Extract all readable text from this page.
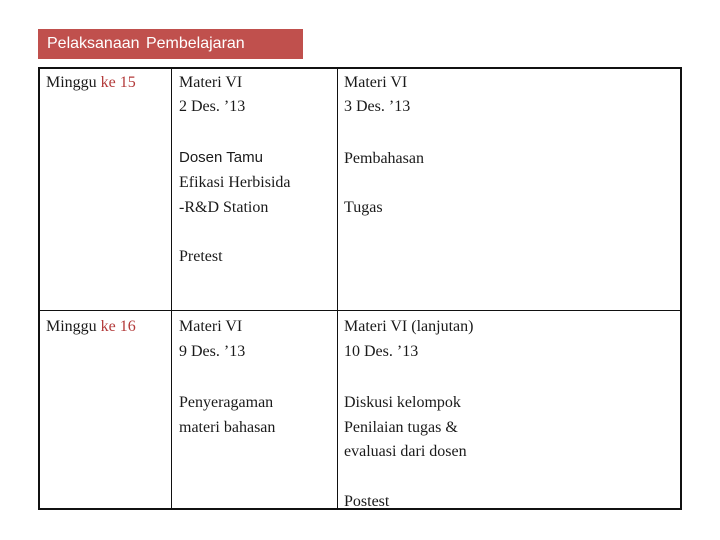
Pelaksanaan Pembelajaran
Minggu ke 15	Materi VI
2 Des. ’13
Dosen Tamu
Efikasi Herbisida
-R&D Station
Pretest
Materi VI
3 Des. ’13
Pembahasan
Tugas
Minggu ke 16	Materi VI
9 Des. ’13
Penyeragaman
materi bahasan
Materi VI (lanjutan)
10 Des. ’13
Diskusi kelompok
Penilaian tugas &
evaluasi dari dosen
Postest
